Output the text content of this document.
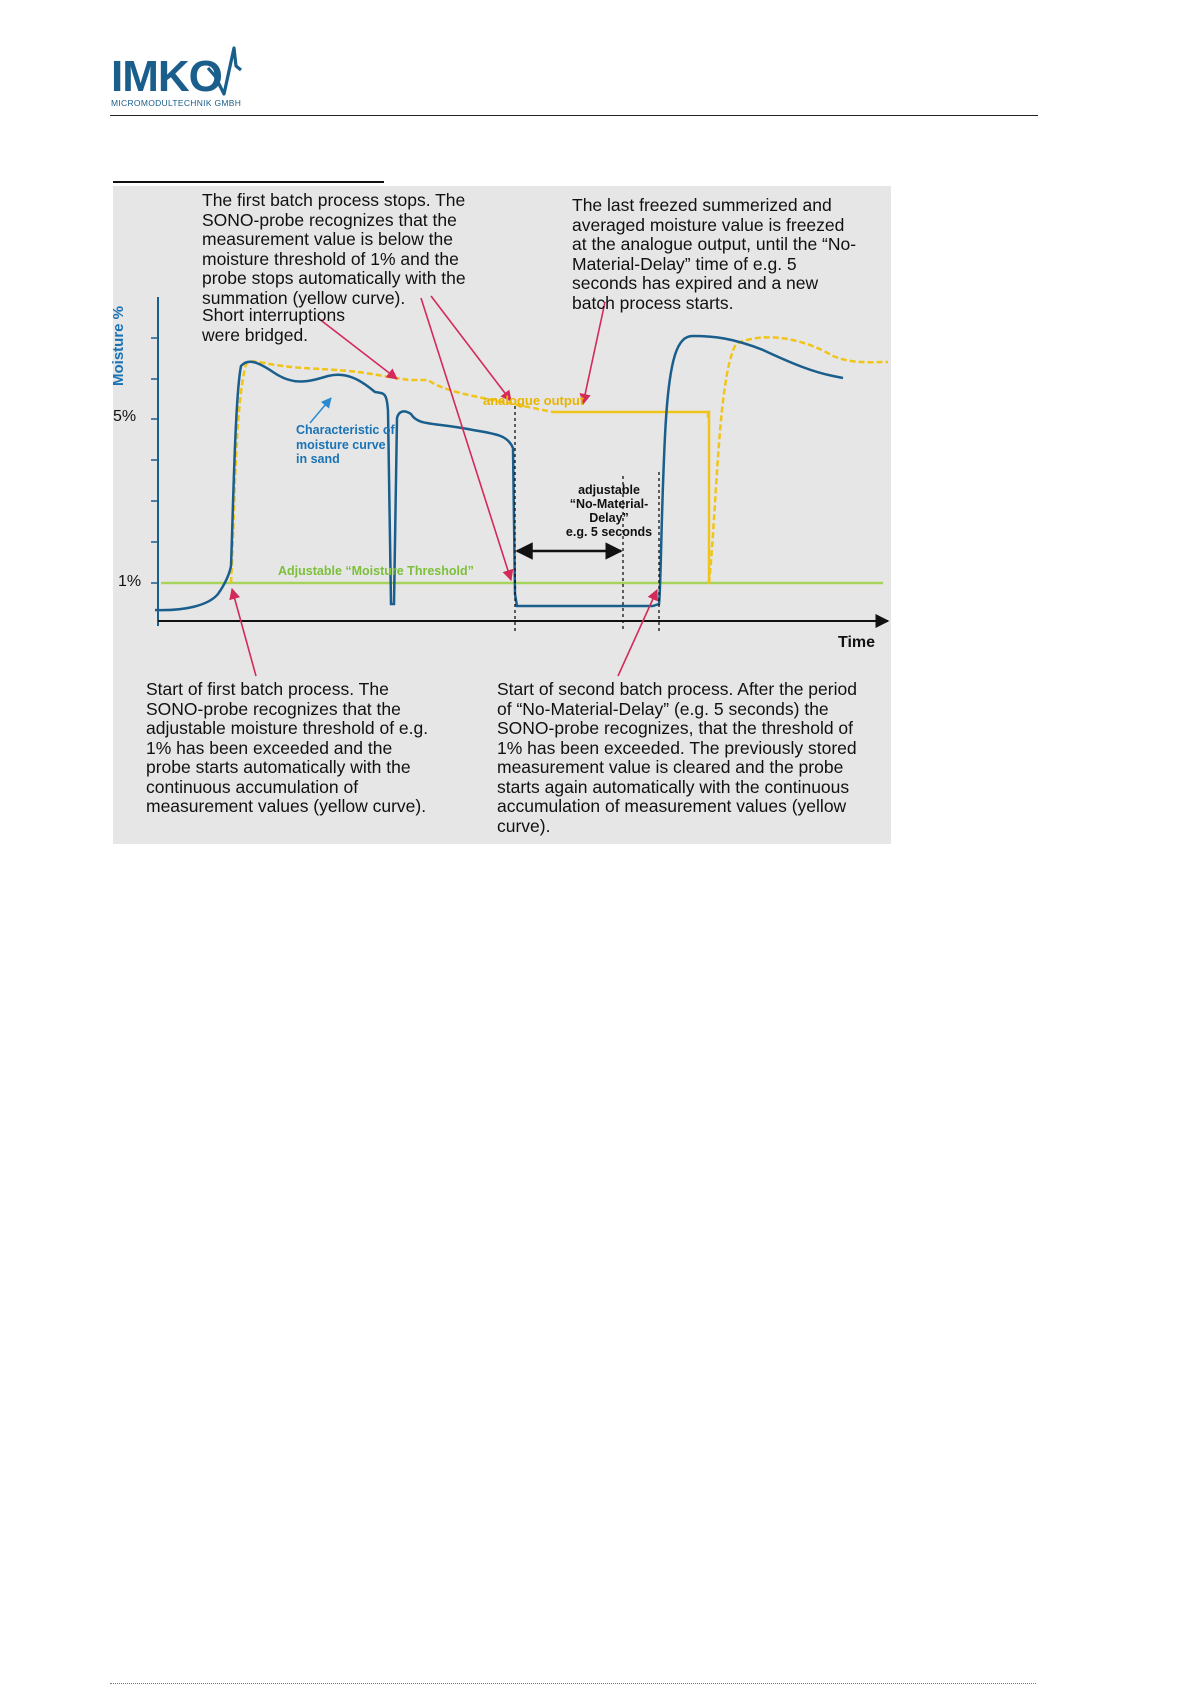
IMKO
MICROMODULTECHNIK GMBH
Moisture %
5%
1%
Time
analogue output
Characteristic of
moisture curve
in sand
Adjustable “Moisture Threshold”
adjustable
“No-Material-
Delay”
e.g. 5 seconds
The first batch process stops. The
SONO-probe recognizes that the
measurement value is below the
moisture threshold of 1% and the
probe stops automatically with the
summation (yellow curve).
Short interruptions
were bridged.
The last freezed summerized and
averaged moisture value is freezed
at the analogue output, until the “No-
Material-Delay” time of e.g. 5
seconds has expired and a new
batch process starts.
Start of first batch process. The
SONO-probe recognizes that the
adjustable moisture threshold of e.g.
1% has been exceeded and the
probe starts automatically with the
continuous accumulation of
measurement values (yellow curve).
Start of second batch process. After the period
of “No-Material-Delay” (e.g. 5 seconds) the
SONO-probe recognizes, that the threshold of
1% has been exceeded. The previously stored
measurement value is cleared and the probe
starts again automatically with the continuous
accumulation of measurement values (yellow
curve).
